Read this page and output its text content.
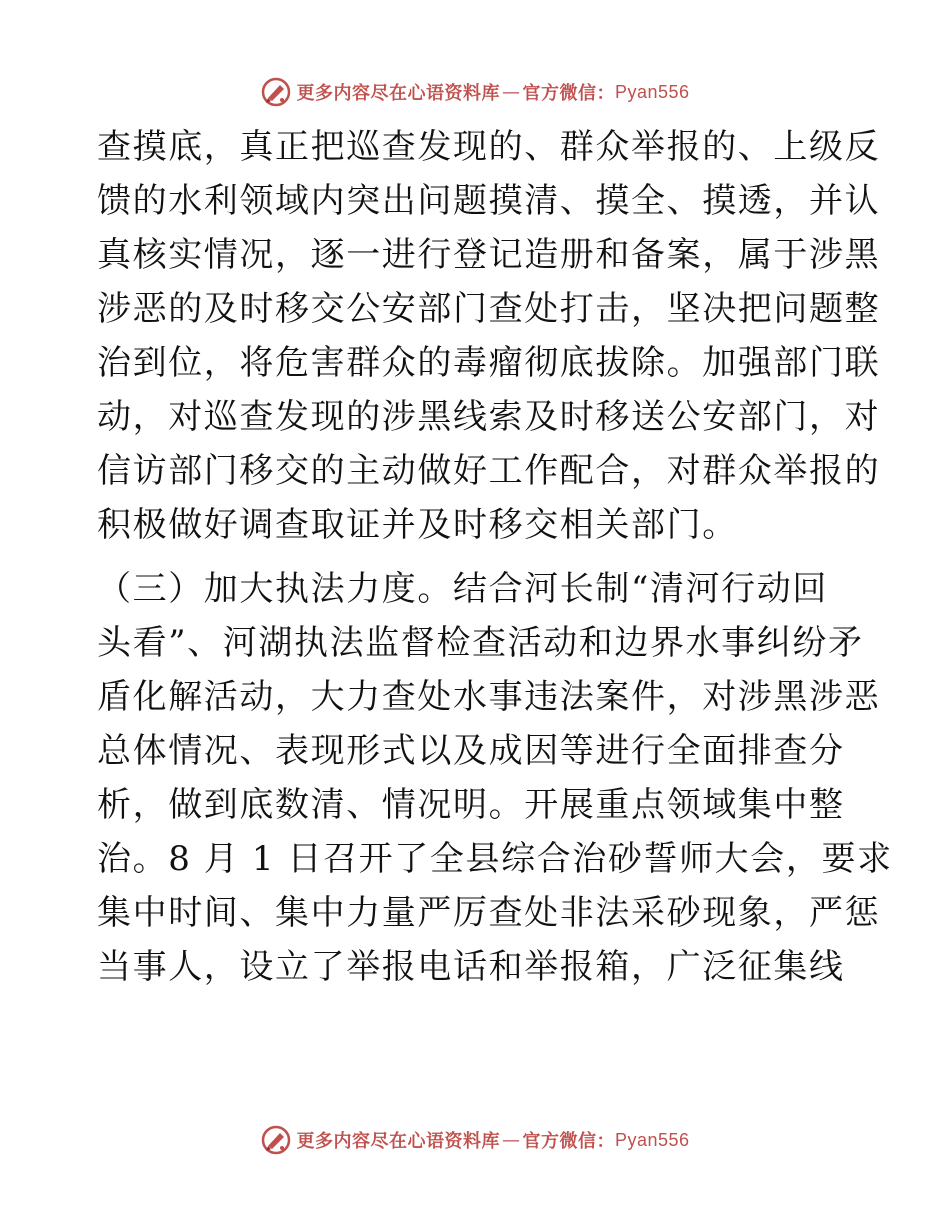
更多内容尽在心语资料库 — 官方微信： Pyan556
查摸底，真正把巡查发现的、群众举报的、上级反
馈的水利领域内突出问题摸清、摸全、摸透，并认
真核实情况，逐一进行登记造册和备案，属于涉黑
涉恶的及时移交公安部门查处打击，坚决把问题整
治到位，将危害群众的毒瘤彻底拔除。加强部门联
动，对巡查发现的涉黑线索及时移送公安部门，对
信访部门移交的主动做好工作配合，对群众举报的
积极做好调查取证并及时移交相关部门。
（三）加大执法力度。结合河长制“清河行动回
头看”、河湖执法监督检查活动和边界水事纠纷矛
盾化解活动，大力查处水事违法案件，对涉黑涉恶
总体情况、表现形式以及成因等进行全面排查分
析，做到底数清、情况明。开展重点领域集中整
治。8 月 1 日召开了全县综合治砂誓师大会，要求
集中时间、集中力量严厉查处非法采砂现象，严惩
当事人，设立了举报电话和举报箱，广泛征集线
更多内容尽在心语资料库 — 官方微信： Pyan556
